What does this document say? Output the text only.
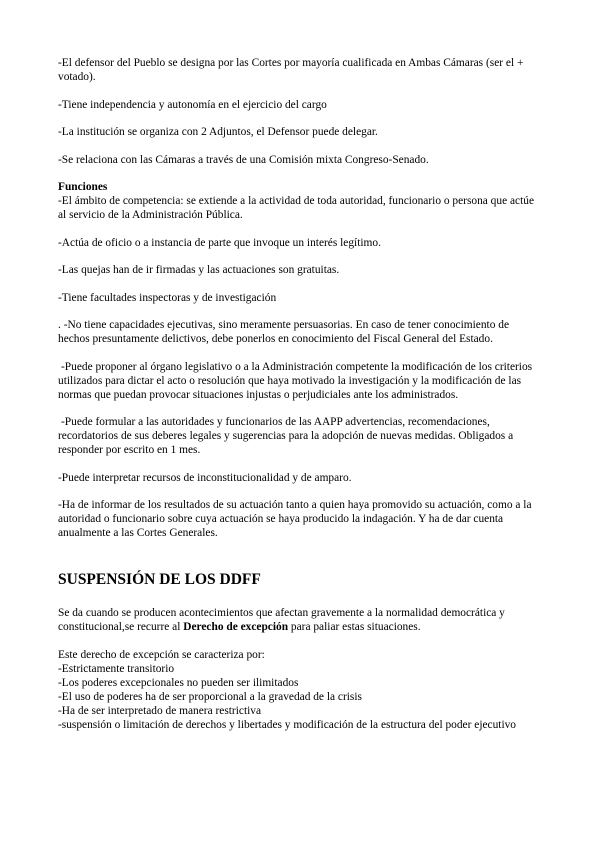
-El defensor del Pueblo se designa por las Cortes por mayoría cualificada en Ambas Cámaras (ser el + votado).

-Tiene independencia y autonomía en el ejercicio del cargo

-La institución se organiza con 2 Adjuntos, el Defensor puede delegar.

-Se relaciona con las Cámaras a través de una Comisión mixta Congreso-Senado.

Funciones

-El ámbito de competencia: se extiende a la actividad de toda autoridad, funcionario o persona que actúe al servicio de la Administración Pública.

-Actúa de oficio o a instancia de parte que invoque un interés legítimo.

-Las quejas han de ir firmadas y las actuaciones son gratuitas.

-Tiene facultades inspectoras y de investigación

. -No tiene capacidades ejecutivas, sino meramente persuasorias. En caso de tener conocimiento de hechos presuntamente delictivos, debe ponerlos en conocimiento del Fiscal General del Estado.

-Puede proponer al órgano legislativo o a la Administración competente la modificación de los criterios utilizados para dictar el acto o resolución que haya motivado la investigación y la modificación de las normas que puedan provocar situaciones injustas o perjudiciales ante los administrados.

-Puede formular a las autoridades y funcionarios de las AAPP advertencias, recomendaciones, recordatorios de sus deberes legales y sugerencias para la adopción de nuevas medidas. Obligados a responder por escrito en 1 mes.

-Puede interpretar recursos de inconstitucionalidad y de amparo.

-Ha de informar de los resultados de su actuación tanto a quien haya promovido su actuación, como a la autoridad o funcionario sobre cuya actuación se haya producido la indagación. Y ha de dar cuenta anualmente a las Cortes Generales.

SUSPENSIÓN DE LOS DDFF

Se da cuando se producen acontecimientos que afectan gravemente a la normalidad democrática y constitucional,se recurre al Derecho de excepción para paliar estas situaciones.

Este derecho de excepción se caracteriza por:
-Estrictamente transitorio
-Los poderes excepcionales no pueden ser ilimitados
-El uso de poderes ha de ser proporcional a la gravedad de la crisis
-Ha de ser interpretado de manera restrictiva
-suspensión o limitación de derechos y libertades y modificación de la estructura del poder ejecutivo
